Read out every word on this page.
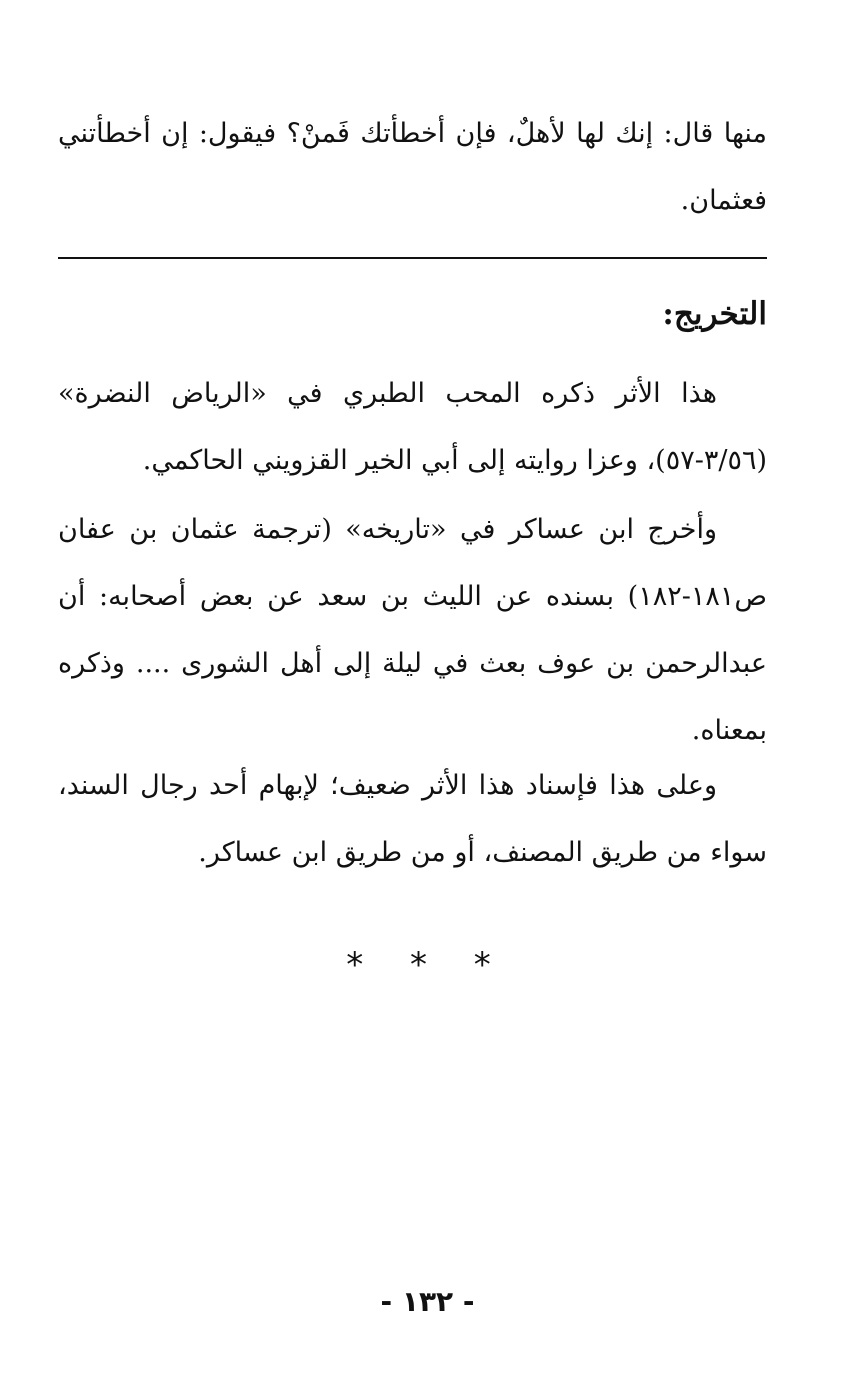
منها قال: إنك لها لأهلٌ، فإن أخطأتك فَمنْ؟ فيقول: إن أخطأتني فعثمان.

التخريج:

هذا الأثر ذكره المحب الطبري في «الرياض النضرة» (٣/٥٦-٥٧)، وعزا روايته إلى أبي الخير القزويني الحاكمي.

وأخرج ابن عساكر في «تاريخه» (ترجمة عثمان بن عفان ص١٨١-١٨٢) بسنده عن الليث بن سعد عن بعض أصحابه: أن عبدالرحمن بن عوف بعث في ليلة إلى أهل الشورى .... وذكره بمعناه.

وعلى هذا فإسناد هذا الأثر ضعيف؛ لإبهام أحد رجال السند، سواء من طريق المصنف، أو من طريق ابن عساكر.

* * *
- ١٣٢ -
